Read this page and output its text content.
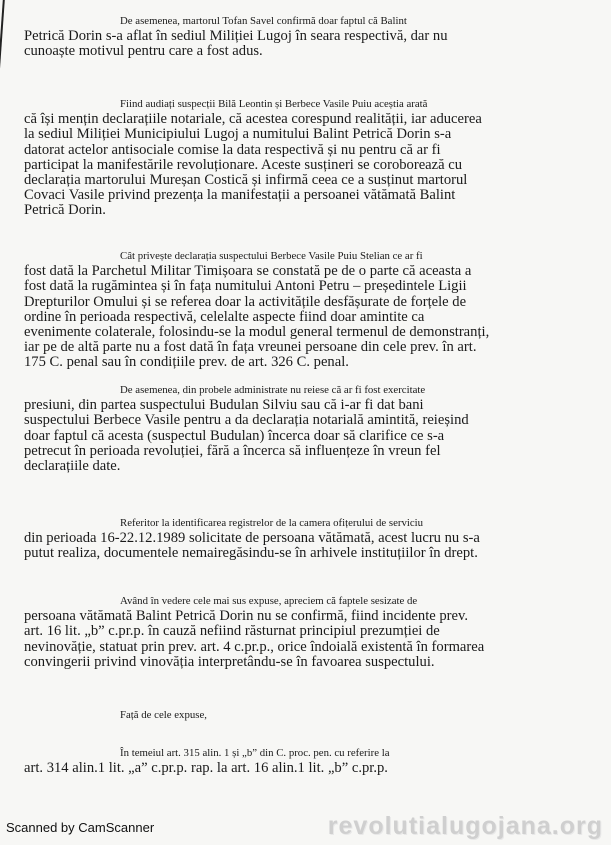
De asemenea, martorul Tofan Savel confirmă doar faptul că Balint
Petrică Dorin s-a aflat în sediul Miliției Lugoj în seara respectivă, dar nu
cunoaște motivul pentru care a fost adus.

Fiind audiați suspecții Bilă Leontin și Berbece Vasile Puiu aceștia arată
că își mențin declarațiile notariale, că acestea corespund realității, iar aducerea
la sediul Miliției Municipiului Lugoj a numitului Balint Petrică Dorin s-a
datorat actelor antisociale comise la data respectivă și nu pentru că ar fi
participat la manifestările revoluționare. Aceste susțineri se coroborează cu
declarația martorului Mureșan Costică și infirmă ceea ce a susținut martorul
Covaci Vasile privind prezența la manifestații a persoanei vătămată Balint
Petrică Dorin.

Cât privește declarația suspectului Berbece Vasile Puiu Stelian ce ar fi
fost dată la Parchetul Militar Timișoara se constată pe de o parte că aceasta a
fost dată la rugămintea și în fața numitului Antoni Petru – președintele Ligii
Drepturilor Omului și se referea doar la activitățile desfășurate de forțele de
ordine în perioada respectivă, celelalte aspecte fiind doar amintite ca
evenimente colaterale, folosindu-se la modul general termenul de demonstranți,
iar pe de altă parte nu a fost dată în fața vreunei persoane din cele prev. în art.
175 C. penal sau în condițiile prev. de art. 326 C. penal.

De asemenea, din probele administrate nu reiese că ar fi fost exercitate
presiuni, din partea suspectului Budulan Silviu sau că i-ar fi dat bani
suspectului Berbece Vasile pentru a da declarația notarială amintită, reieșind
doar faptul că acesta (suspectul Budulan) încerca doar să clarifice ce s-a
petrecut în perioada revoluției, fără a încerca să influențeze în vreun fel
declarațiile date.

Referitor la identificarea registrelor de la camera ofițerului de serviciu
din perioada 16-22.12.1989 solicitate de persoana vătămată, acest lucru nu s-a
putut realiza, documentele nemairegăsindu-se în arhivele instituțiilor în drept.

Având în vedere cele mai sus expuse, apreciem că faptele sesizate de
persoana vătămată Balint Petrică Dorin nu se confirmă, fiind incidente prev.
art. 16 lit. „b” c.pr.p. în cauză nefiind răsturnat principiul prezumției de
nevinovăție, statuat prin prev. art. 4 c.pr.p., orice îndoială existentă în formarea
convingerii privind vinovăția interpretându-se în favoarea suspectului.

Față de cele expuse,

În temeiul art. 315 alin. 1 și „b” din C. proc. pen. cu referire la
art. 314 alin.1 lit. „a” c.pr.p. rap. la art. 16 alin.1 lit. „b” c.pr.p.

Scanned by CamScanner	revolutialugojana.org
